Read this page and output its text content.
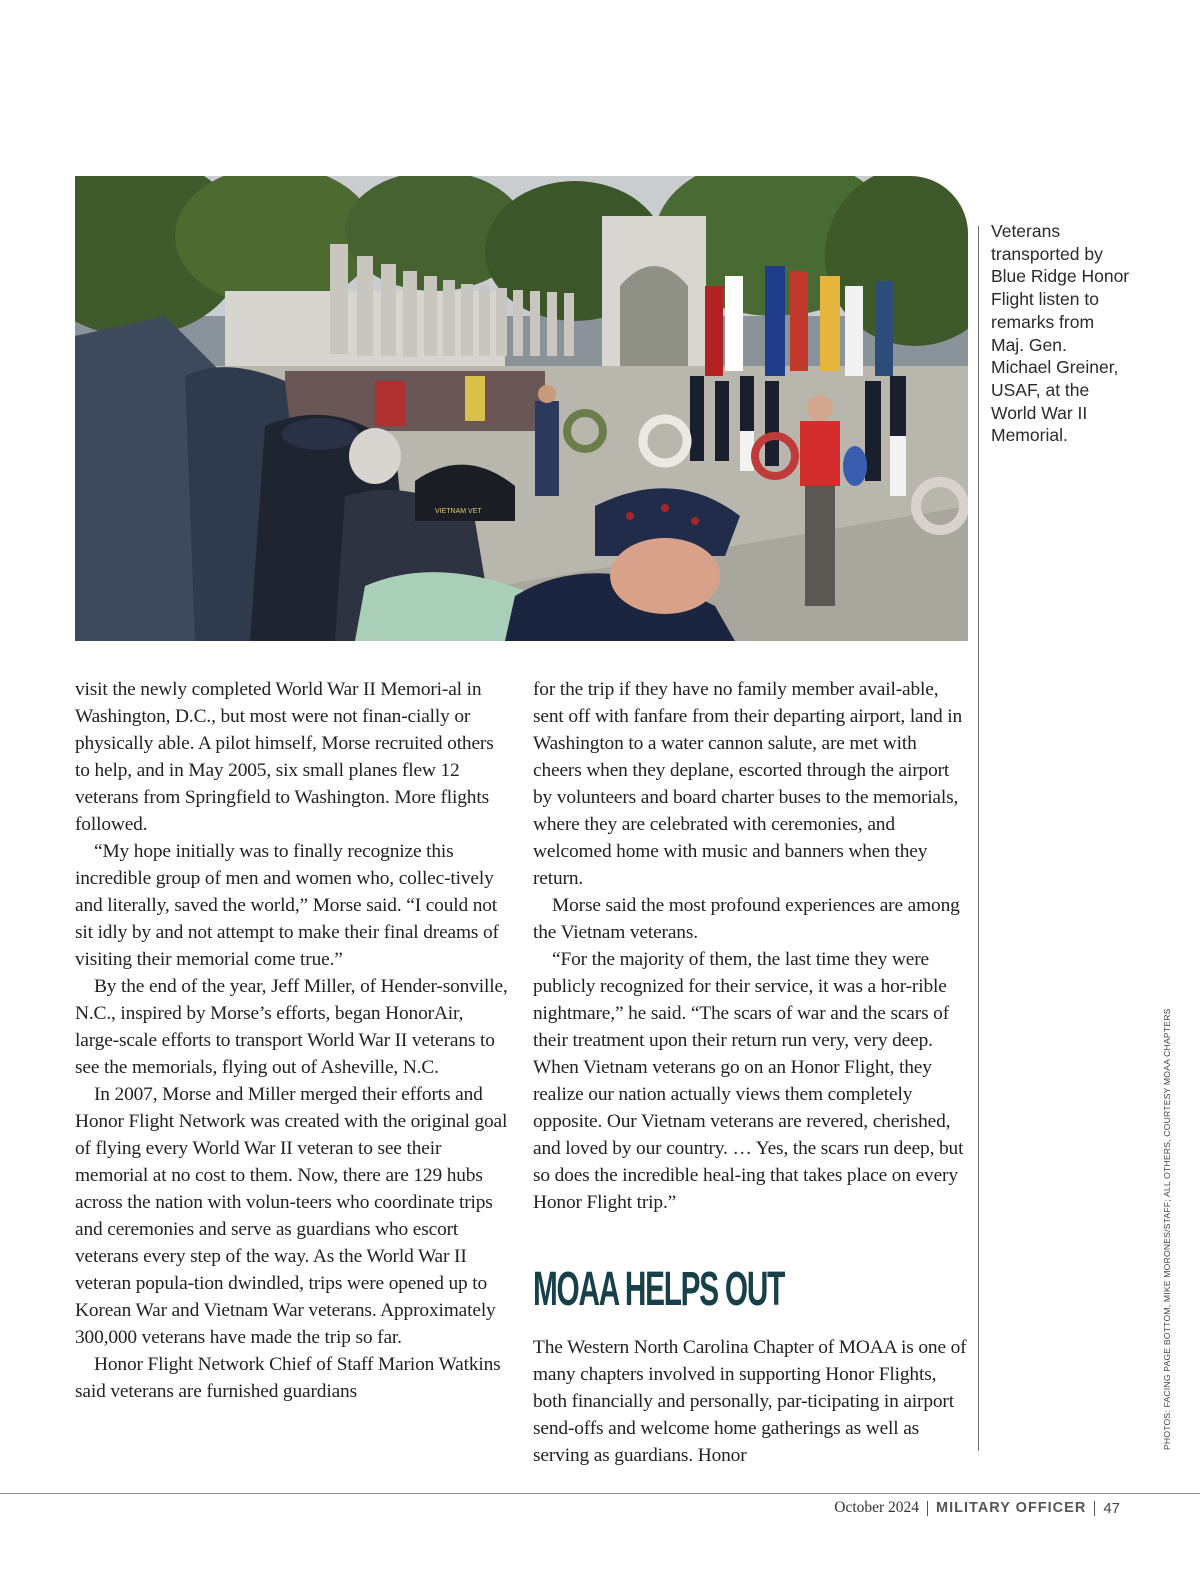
VIETNAM VET
Veterans transported by Blue Ridge Honor Flight listen to remarks from Maj. Gen. Michael Greiner, USAF, at the World War II Memorial.

visit the newly completed World War II Memori-al in Washington, D.C., but most were not finan-cially or physically able. A pilot himself, Morse recruited others to help, and in May 2005, six small planes flew 12 veterans from Springfield to Washington. More flights followed.

“My hope initially was to finally recognize this incredible group of men and women who, collec-tively and literally, saved the world,” Morse said. “I could not sit idly by and not attempt to make their final dreams of visiting their memorial come true.”

By the end of the year, Jeff Miller, of Hender-sonville, N.C., inspired by Morse’s efforts, began HonorAir, large-scale efforts to transport World War II veterans to see the memorials, flying out of Asheville, N.C.

In 2007, Morse and Miller merged their efforts and Honor Flight Network was created with the original goal of flying every World War II veteran to see their memorial at no cost to them. Now, there are 129 hubs across the nation with volun-teers who coordinate trips and ceremonies and serve as guardians who escort veterans every step of the way. As the World War II veteran popula-tion dwindled, trips were opened up to Korean War and Vietnam War veterans. Approximately 300,000 veterans have made the trip so far.

Honor Flight Network Chief of Staff Marion Watkins said veterans are furnished guardians

for the trip if they have no family member avail-able, sent off with fanfare from their departing airport, land in Washington to a water cannon salute, are met with cheers when they deplane, escorted through the airport by volunteers and board charter buses to the memorials, where they are celebrated with ceremonies, and welcomed home with music and banners when they return.

Morse said the most profound experiences are among the Vietnam veterans.

“For the majority of them, the last time they were publicly recognized for their service, it was a hor-rible nightmare,” he said. “The scars of war and the scars of their treatment upon their return run very, very deep. When Vietnam veterans go on an Honor Flight, they realize our nation actually views them completely opposite. Our Vietnam veterans are revered, cherished, and loved by our country. … Yes, the scars run deep, but so does the incredible heal-ing that takes place on every Honor Flight trip.”

MOAA HELPS OUT

The Western North Carolina Chapter of MOAA is one of many chapters involved in supporting Honor Flights, both financially and personally, par-ticipating in airport send-offs and welcome home gatherings as well as serving as guardians. Honor

PHOTOS: FACING PAGE BOTTOM, MIKE MORONES/STAFF; ALL OTHERS, COURTESY MOAA CHAPTERS
October 2024 MILITARY OFFICER 47
